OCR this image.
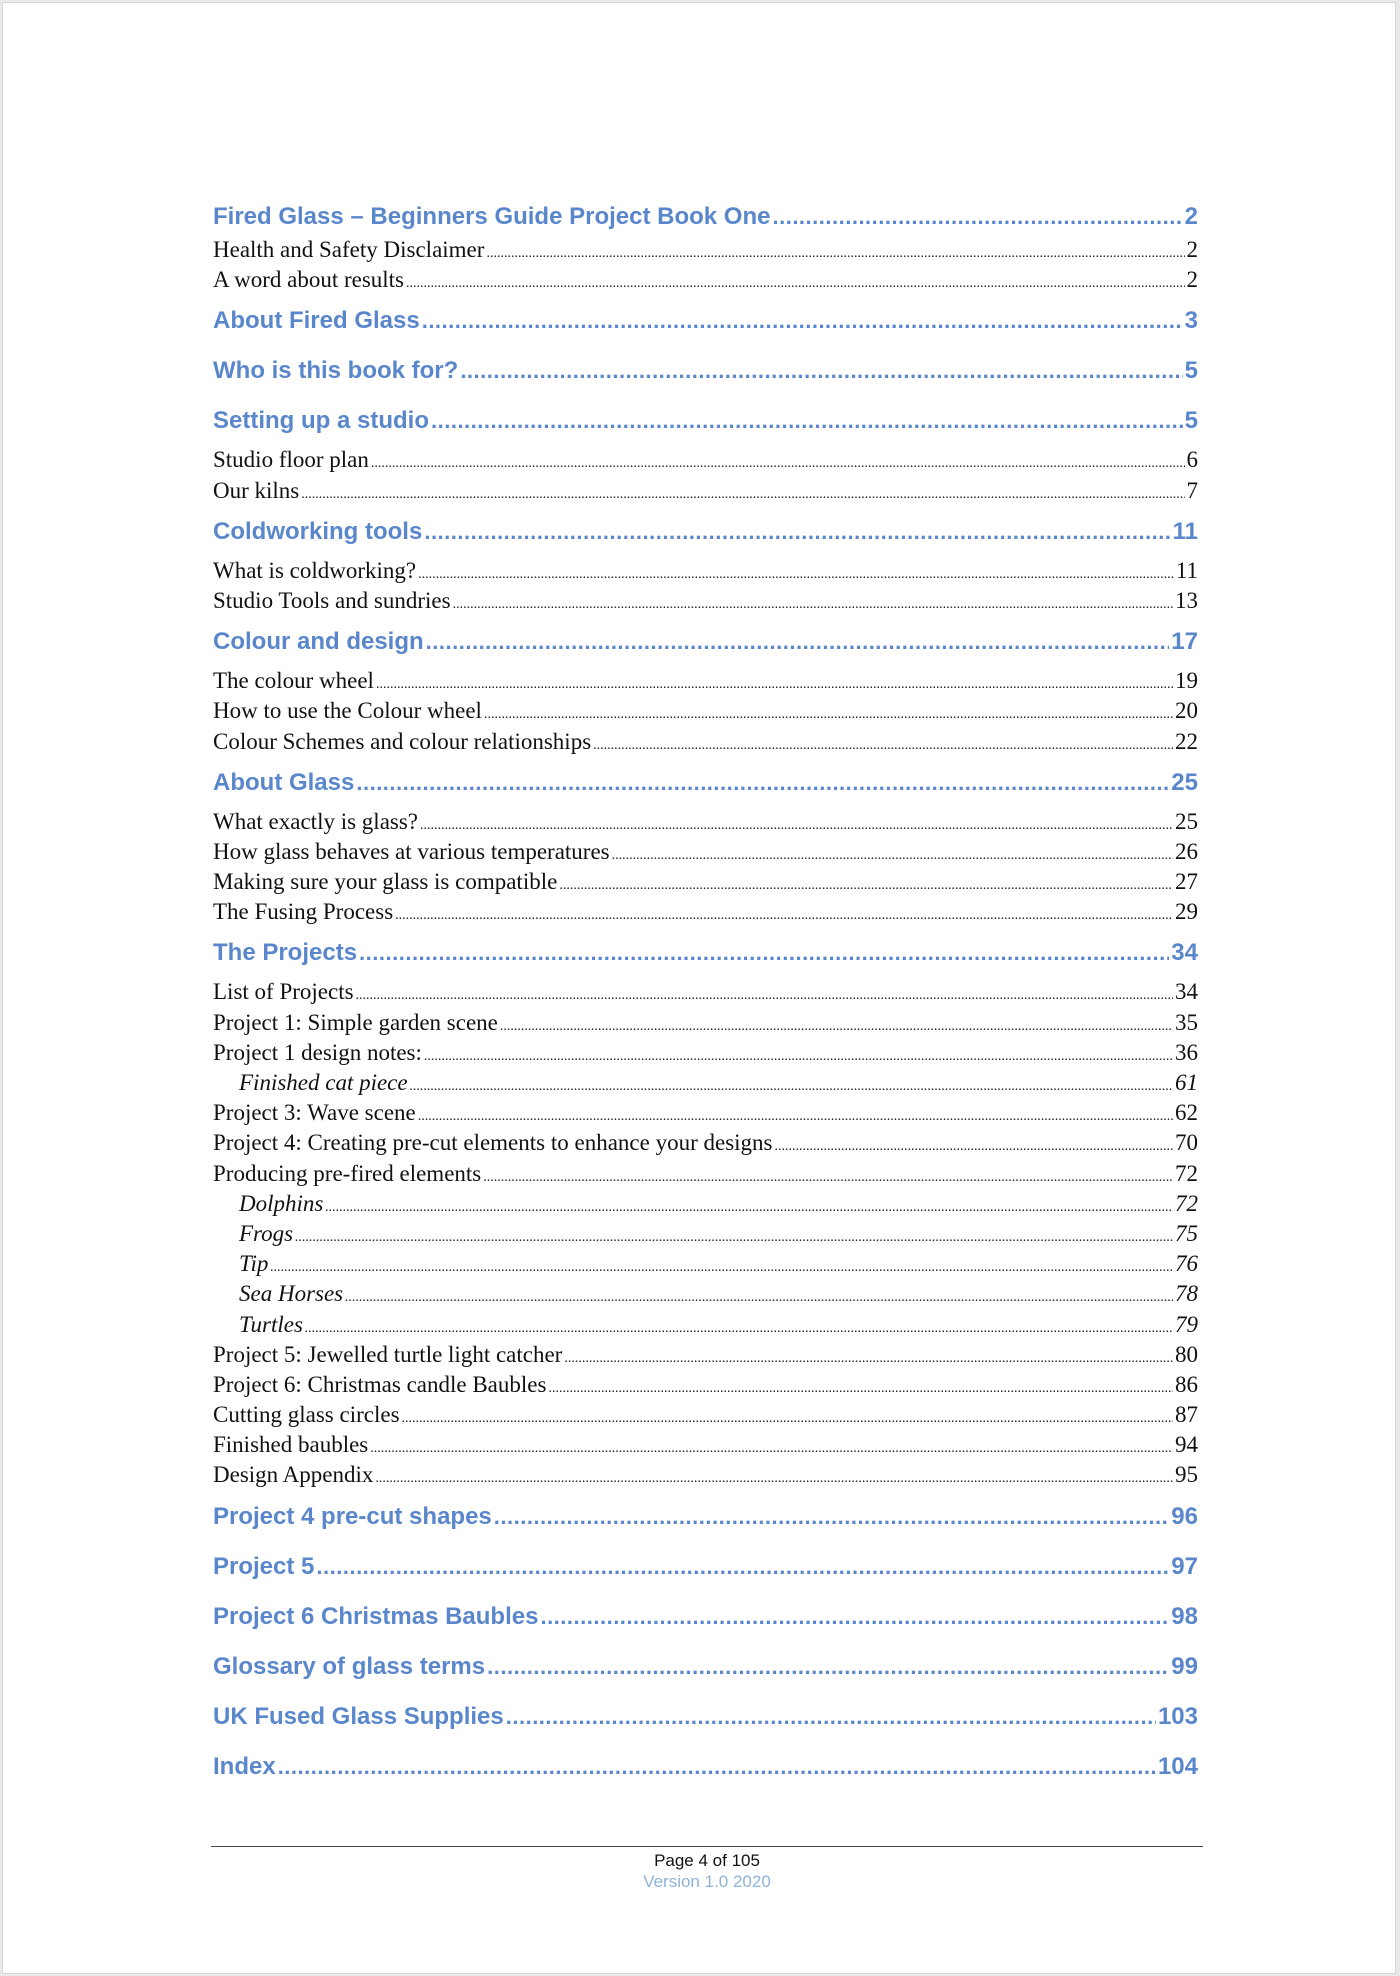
Fired Glass – Beginners Guide Project Book One .....	2
Health and Safety Disclaimer .....	2
A word about results .....	2
About Fired Glass .....	3
Who is this book for? .....	5
Setting up a studio .....	5
Studio floor plan .....	6
Our kilns .....	7
Coldworking tools .....	11
What is coldworking? .....	11
Studio Tools and sundries .....	13
Colour and design .....	17
The colour wheel .....	19
How to use the Colour wheel .....	20
Colour Schemes and colour relationships .....	22
About Glass .....	25
What exactly is glass? .....	25
How glass behaves at various temperatures .....	26
Making sure your glass is compatible .....	27
The Fusing Process .....	29
The Projects .....	34
List of Projects .....	34
Project 1: Simple garden scene .....	35
Project 1 design notes: .....	36
Finished cat piece .....	61
Project 3: Wave scene .....	62
Project 4: Creating pre-cut elements to enhance your designs .....	70
Producing pre-fired elements .....	72
Dolphins .....	72
Frogs .....	75
Tip .....	76
Sea Horses .....	78
Turtles .....	79
Project 5: Jewelled turtle light catcher .....	80
Project 6: Christmas candle Baubles .....	86
Cutting glass circles .....	87
Finished baubles .....	94
Design Appendix .....	95
Project 4 pre-cut shapes .....	96
Project 5 .....	97
Project 6 Christmas Baubles .....	98
Glossary of glass terms .....	99
UK Fused Glass Supplies .....	103
Index .....	104
Page 4 of 105
Version 1.0 2020
